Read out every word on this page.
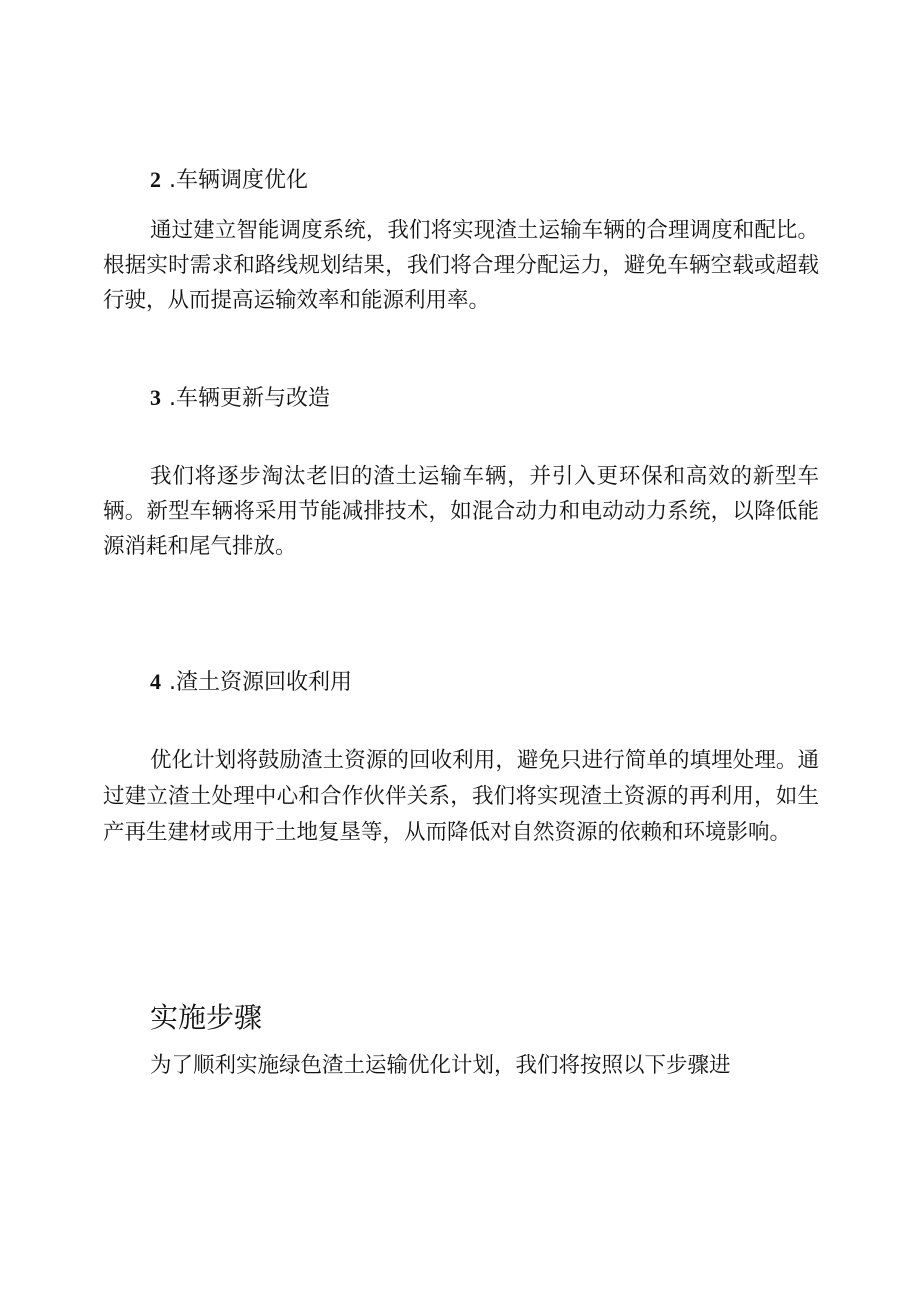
2 .车辆调度优化

通过建立智能调度系统，我们将实现渣土运输车辆的合理调度和配比。根据实时需求和路线规划结果，我们将合理分配运力，避免车辆空载或超载行驶，从而提高运输效率和能源利用率。

3 .车辆更新与改造

我们将逐步淘汰老旧的渣土运输车辆，并引入更环保和高效的新型车辆。新型车辆将采用节能减排技术，如混合动力和电动动力系统，以降低能源消耗和尾气排放。

4 .渣土资源回收利用

优化计划将鼓励渣土资源的回收利用，避免只进行简单的填埋处理。通过建立渣土处理中心和合作伙伴关系，我们将实现渣土资源的再利用，如生产再生建材或用于土地复垦等，从而降低对自然资源的依赖和环境影响。

实施步骤

为了顺利实施绿色渣土运输优化计划，我们将按照以下步骤进
